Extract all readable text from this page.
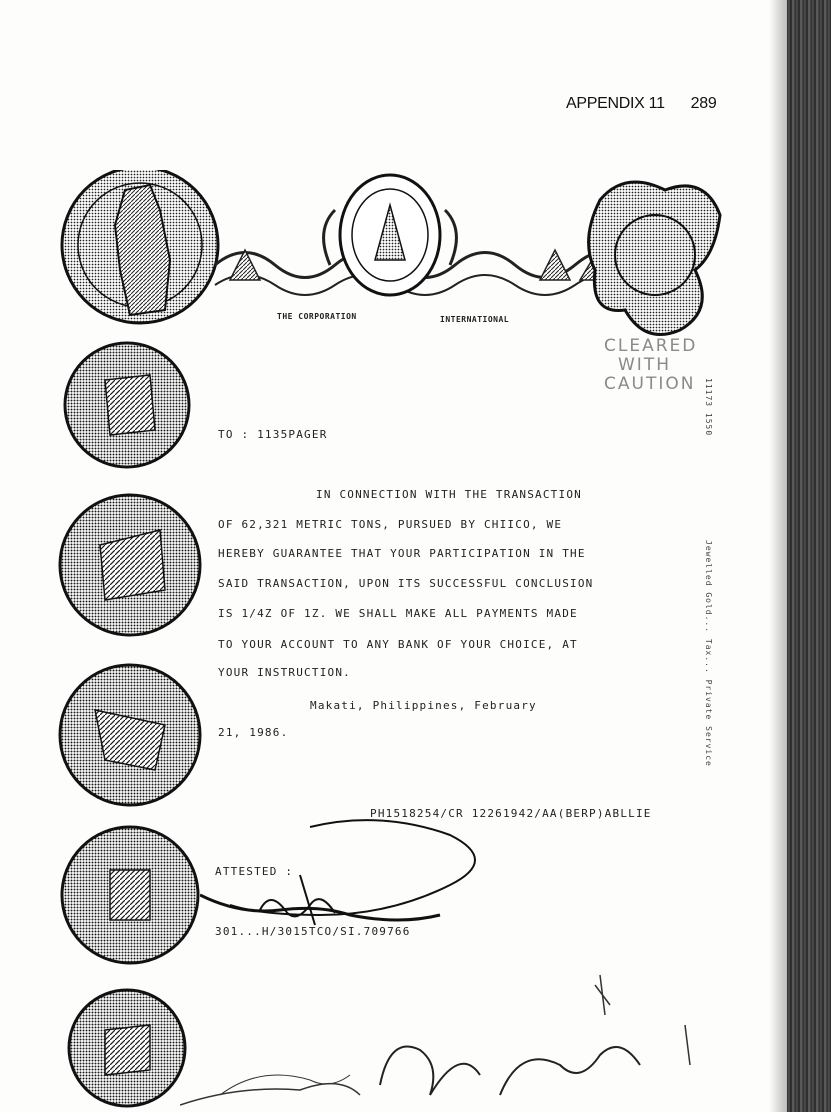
APPENDIX 11 289
THE CORPORATION	INTERNATIONAL
CLEARED
WITH
CAUTION
TO : 1135PAGER
IN CONNECTION WITH THE TRANSACTION
OF 62,321 METRIC TONS, PURSUED BY CHIICO, WE
HEREBY GUARANTEE THAT YOUR PARTICIPATION IN THE
SAID TRANSACTION, UPON ITS SUCCESSFUL CONCLUSION
IS 1/4Z OF 1Z. WE SHALL MAKE ALL PAYMENTS MADE
TO YOUR ACCOUNT TO ANY BANK OF YOUR CHOICE, AT
YOUR INSTRUCTION.
Makati, Philippines, February
21, 1986.
PH1518254/CR 12261942/AA(BERP)ABLLIE
ATTESTED :
301...H/3015TCO/SI.709766
11173 1550
Jewelled Gold... Tax... Private Service
